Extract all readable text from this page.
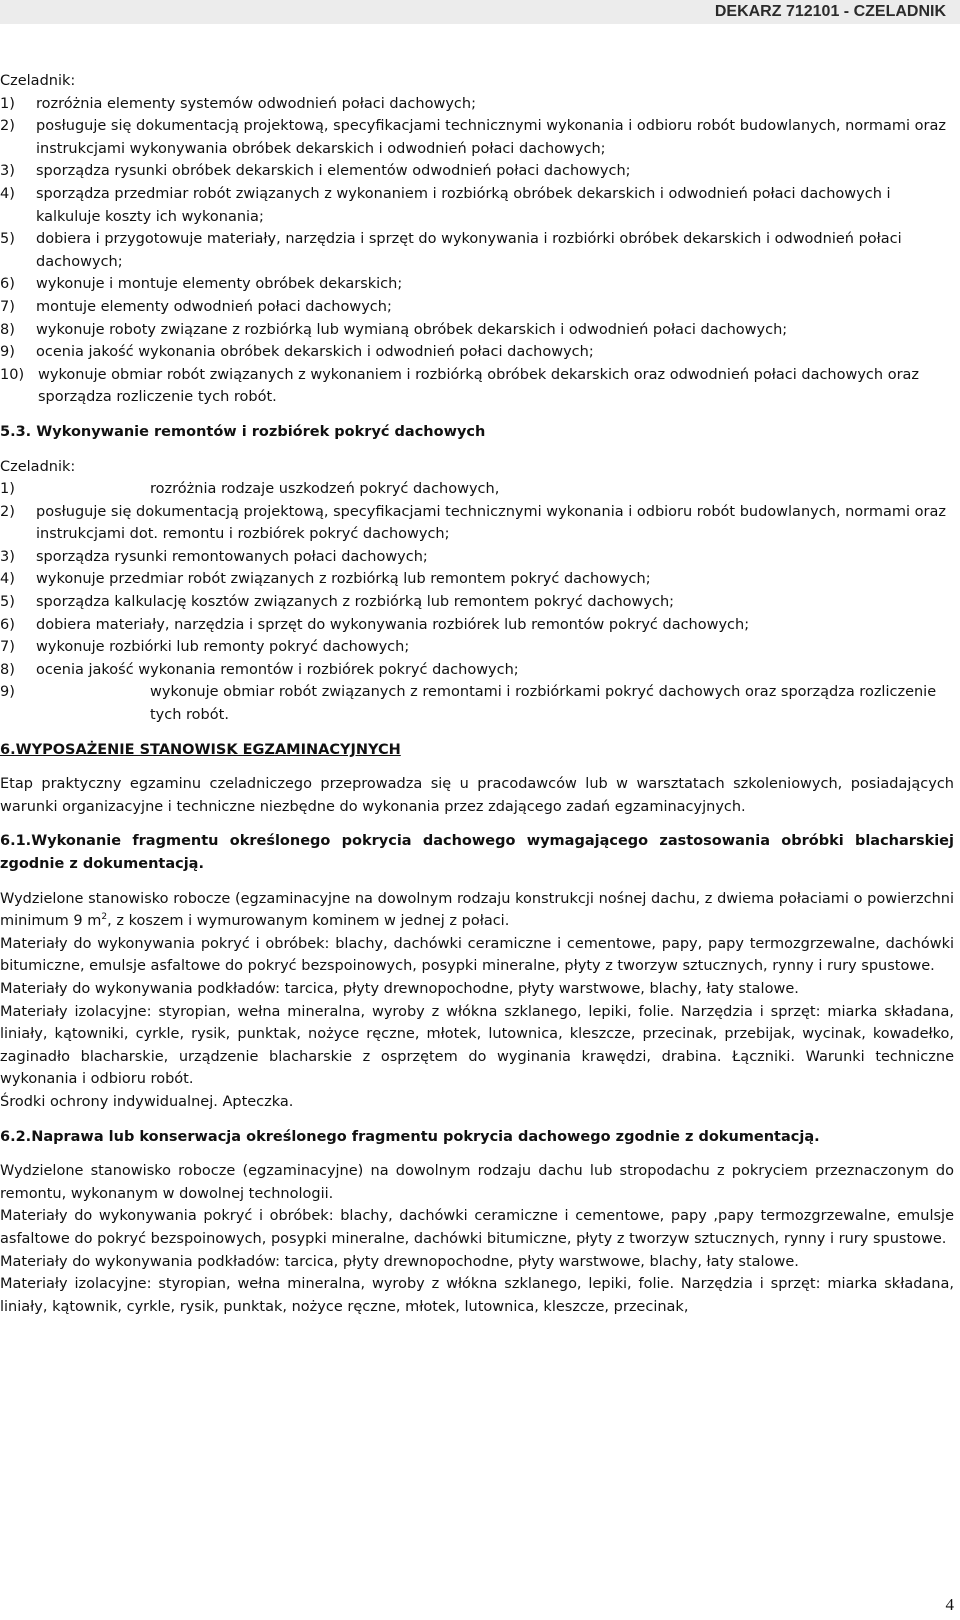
DEKARZ 712101 - CZELADNIK

Czeladnik:

1)	rozróżnia elementy systemów odwodnień połaci dachowych;
2)	posługuje się dokumentacją projektową, specyfikacjami technicznymi wykonania i odbioru robót budowlanych, normami oraz instrukcjami wykonywania obróbek dekarskich i odwodnień połaci dachowych;
3)	sporządza rysunki obróbek dekarskich i elementów odwodnień połaci dachowych;
4)	sporządza przedmiar robót związanych z wykonaniem i rozbiórką obróbek dekarskich i odwodnień połaci dachowych i kalkuluje koszty ich wykonania;
5)	dobiera i przygotowuje materiały, narzędzia i sprzęt do wykonywania i rozbiórki obróbek dekarskich i odwodnień połaci dachowych;
6)	wykonuje i montuje elementy obróbek dekarskich;
7)	montuje elementy odwodnień połaci dachowych;
8)	wykonuje roboty związane z rozbiórką lub wymianą obróbek dekarskich i odwodnień połaci dachowych;
9)	ocenia jakość wykonania obróbek dekarskich i odwodnień połaci dachowych;
10) wykonuje obmiar robót związanych z wykonaniem i rozbiórką obróbek dekarskich oraz odwodnień połaci dachowych oraz sporządza rozliczenie tych robót.

5.3. Wykonywanie remontów i rozbiórek pokryć dachowych

Czeladnik:

1)	rozróżnia rodzaje uszkodzeń pokryć dachowych,
2)	posługuje się dokumentacją projektową, specyfikacjami technicznymi wykonania i odbioru robót budowlanych, normami oraz instrukcjami dot. remontu i rozbiórek pokryć dachowych;
3)	sporządza rysunki remontowanych połaci dachowych;
4)	wykonuje przedmiar robót związanych z rozbiórką lub remontem pokryć dachowych;
5)	sporządza kalkulację kosztów związanych z rozbiórką lub remontem pokryć dachowych;
6)	dobiera materiały, narzędzia i sprzęt do wykonywania rozbiórek lub remontów pokryć dachowych;
7)	wykonuje rozbiórki lub remonty pokryć dachowych;
8)	ocenia jakość wykonania remontów i rozbiórek pokryć dachowych;
9)	wykonuje obmiar robót związanych z remontami i rozbiórkami pokryć dachowych oraz sporządza rozliczenie tych robót.

6.WYPOSAŻENIE STANOWISK EGZAMINACYJNYCH

Etap praktyczny egzaminu czeladniczego przeprowadza się u pracodawców lub w warsztatach szkoleniowych, posiadających warunki organizacyjne i techniczne niezbędne do wykonania przez zdającego zadań egzaminacyjnych.

6.1.Wykonanie fragmentu określonego pokrycia dachowego wymagającego zastosowania obróbki blacharskiej zgodnie z dokumentacją.

Wydzielone stanowisko robocze (egzaminacyjne na dowolnym rodzaju konstrukcji nośnej dachu, z dwiema połaciami o powierzchni minimum 9 $m^2$, z koszem i wymurowanym kominem w jednej z połaci.

Materiały do wykonywania pokryć i obróbek: blachy, dachówki ceramiczne i cementowe, papy, papy termozgrzewalne, dachówki bitumiczne, emulsje asfaltowe do pokryć bezspoinowych, posypki mineralne, płyty z tworzyw sztucznych, rynny i rury spustowe.

Materiały do wykonywania podkładów: tarcica, płyty drewnopochodne, płyty warstwowe, blachy, łaty stalowe.

Materiały izolacyjne: styropian, wełna mineralna, wyroby z włókna szklanego, lepiki, folie. Narzędzia i sprzęt: miarka składana, liniały, kątowniki, cyrkle, rysik, punktak, nożyce ręczne, młotek, lutownica, kleszcze, przecinak, przebijak, wycinak, kowadełko, zaginadło blacharskie, urządzenie blacharskie z osprzętem do wyginania krawędzi, drabina. Łączniki. Warunki techniczne wykonania i odbioru robót.

Środki ochrony indywidualnej. Apteczka.

6.2.Naprawa lub konserwacja określonego fragmentu pokrycia dachowego zgodnie z dokumentacją.

Wydzielone stanowisko robocze (egzaminacyjne) na dowolnym rodzaju dachu lub stropodachu z pokryciem przeznaczonym do remontu, wykonanym w dowolnej technologii.

Materiały do wykonywania pokryć i obróbek: blachy, dachówki ceramiczne i cementowe, papy ,papy termozgrzewalne, emulsje asfaltowe do pokryć bezspoinowych, posypki mineralne, dachówki bitumiczne, płyty z tworzyw sztucznych, rynny i rury spustowe.

Materiały do wykonywania podkładów: tarcica, płyty drewnopochodne, płyty warstwowe, blachy, łaty stalowe.

Materiały izolacyjne: styropian, wełna mineralna, wyroby z włókna szklanego, lepiki, folie. Narzędzia i sprzęt: miarka składana, liniały, kątownik, cyrkle, rysik, punktak, nożyce ręczne, młotek, lutownica, kleszcze, przecinak,

4
